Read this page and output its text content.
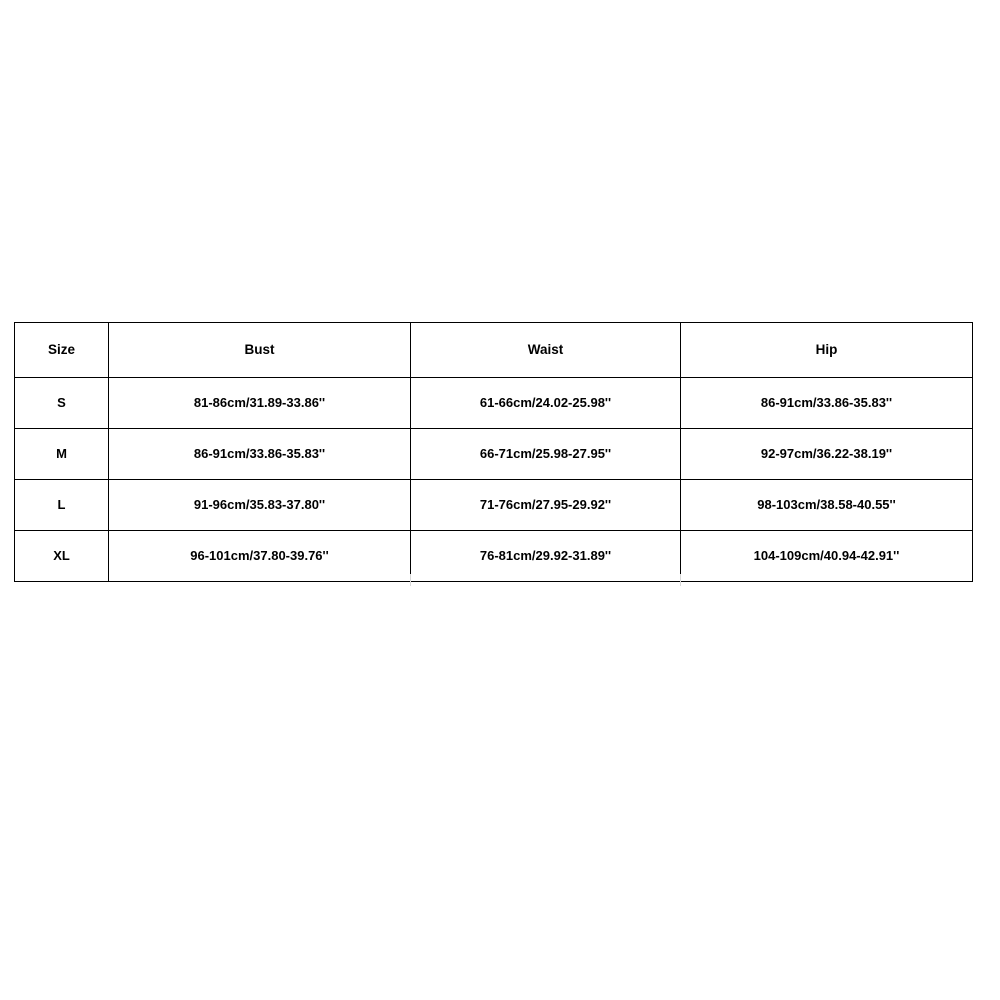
Size	Bust	Waist	Hip
S	81-86cm/31.89-33.86''	61-66cm/24.02-25.98''	86-91cm/33.86-35.83''
M	86-91cm/33.86-35.83''	66-71cm/25.98-27.95''	92-97cm/36.22-38.19''
L	91-96cm/35.83-37.80''	71-76cm/27.95-29.92''	98-103cm/38.58-40.55''
XL	96-101cm/37.80-39.76''	76-81cm/29.92-31.89''	104-109cm/40.94-42.91''
